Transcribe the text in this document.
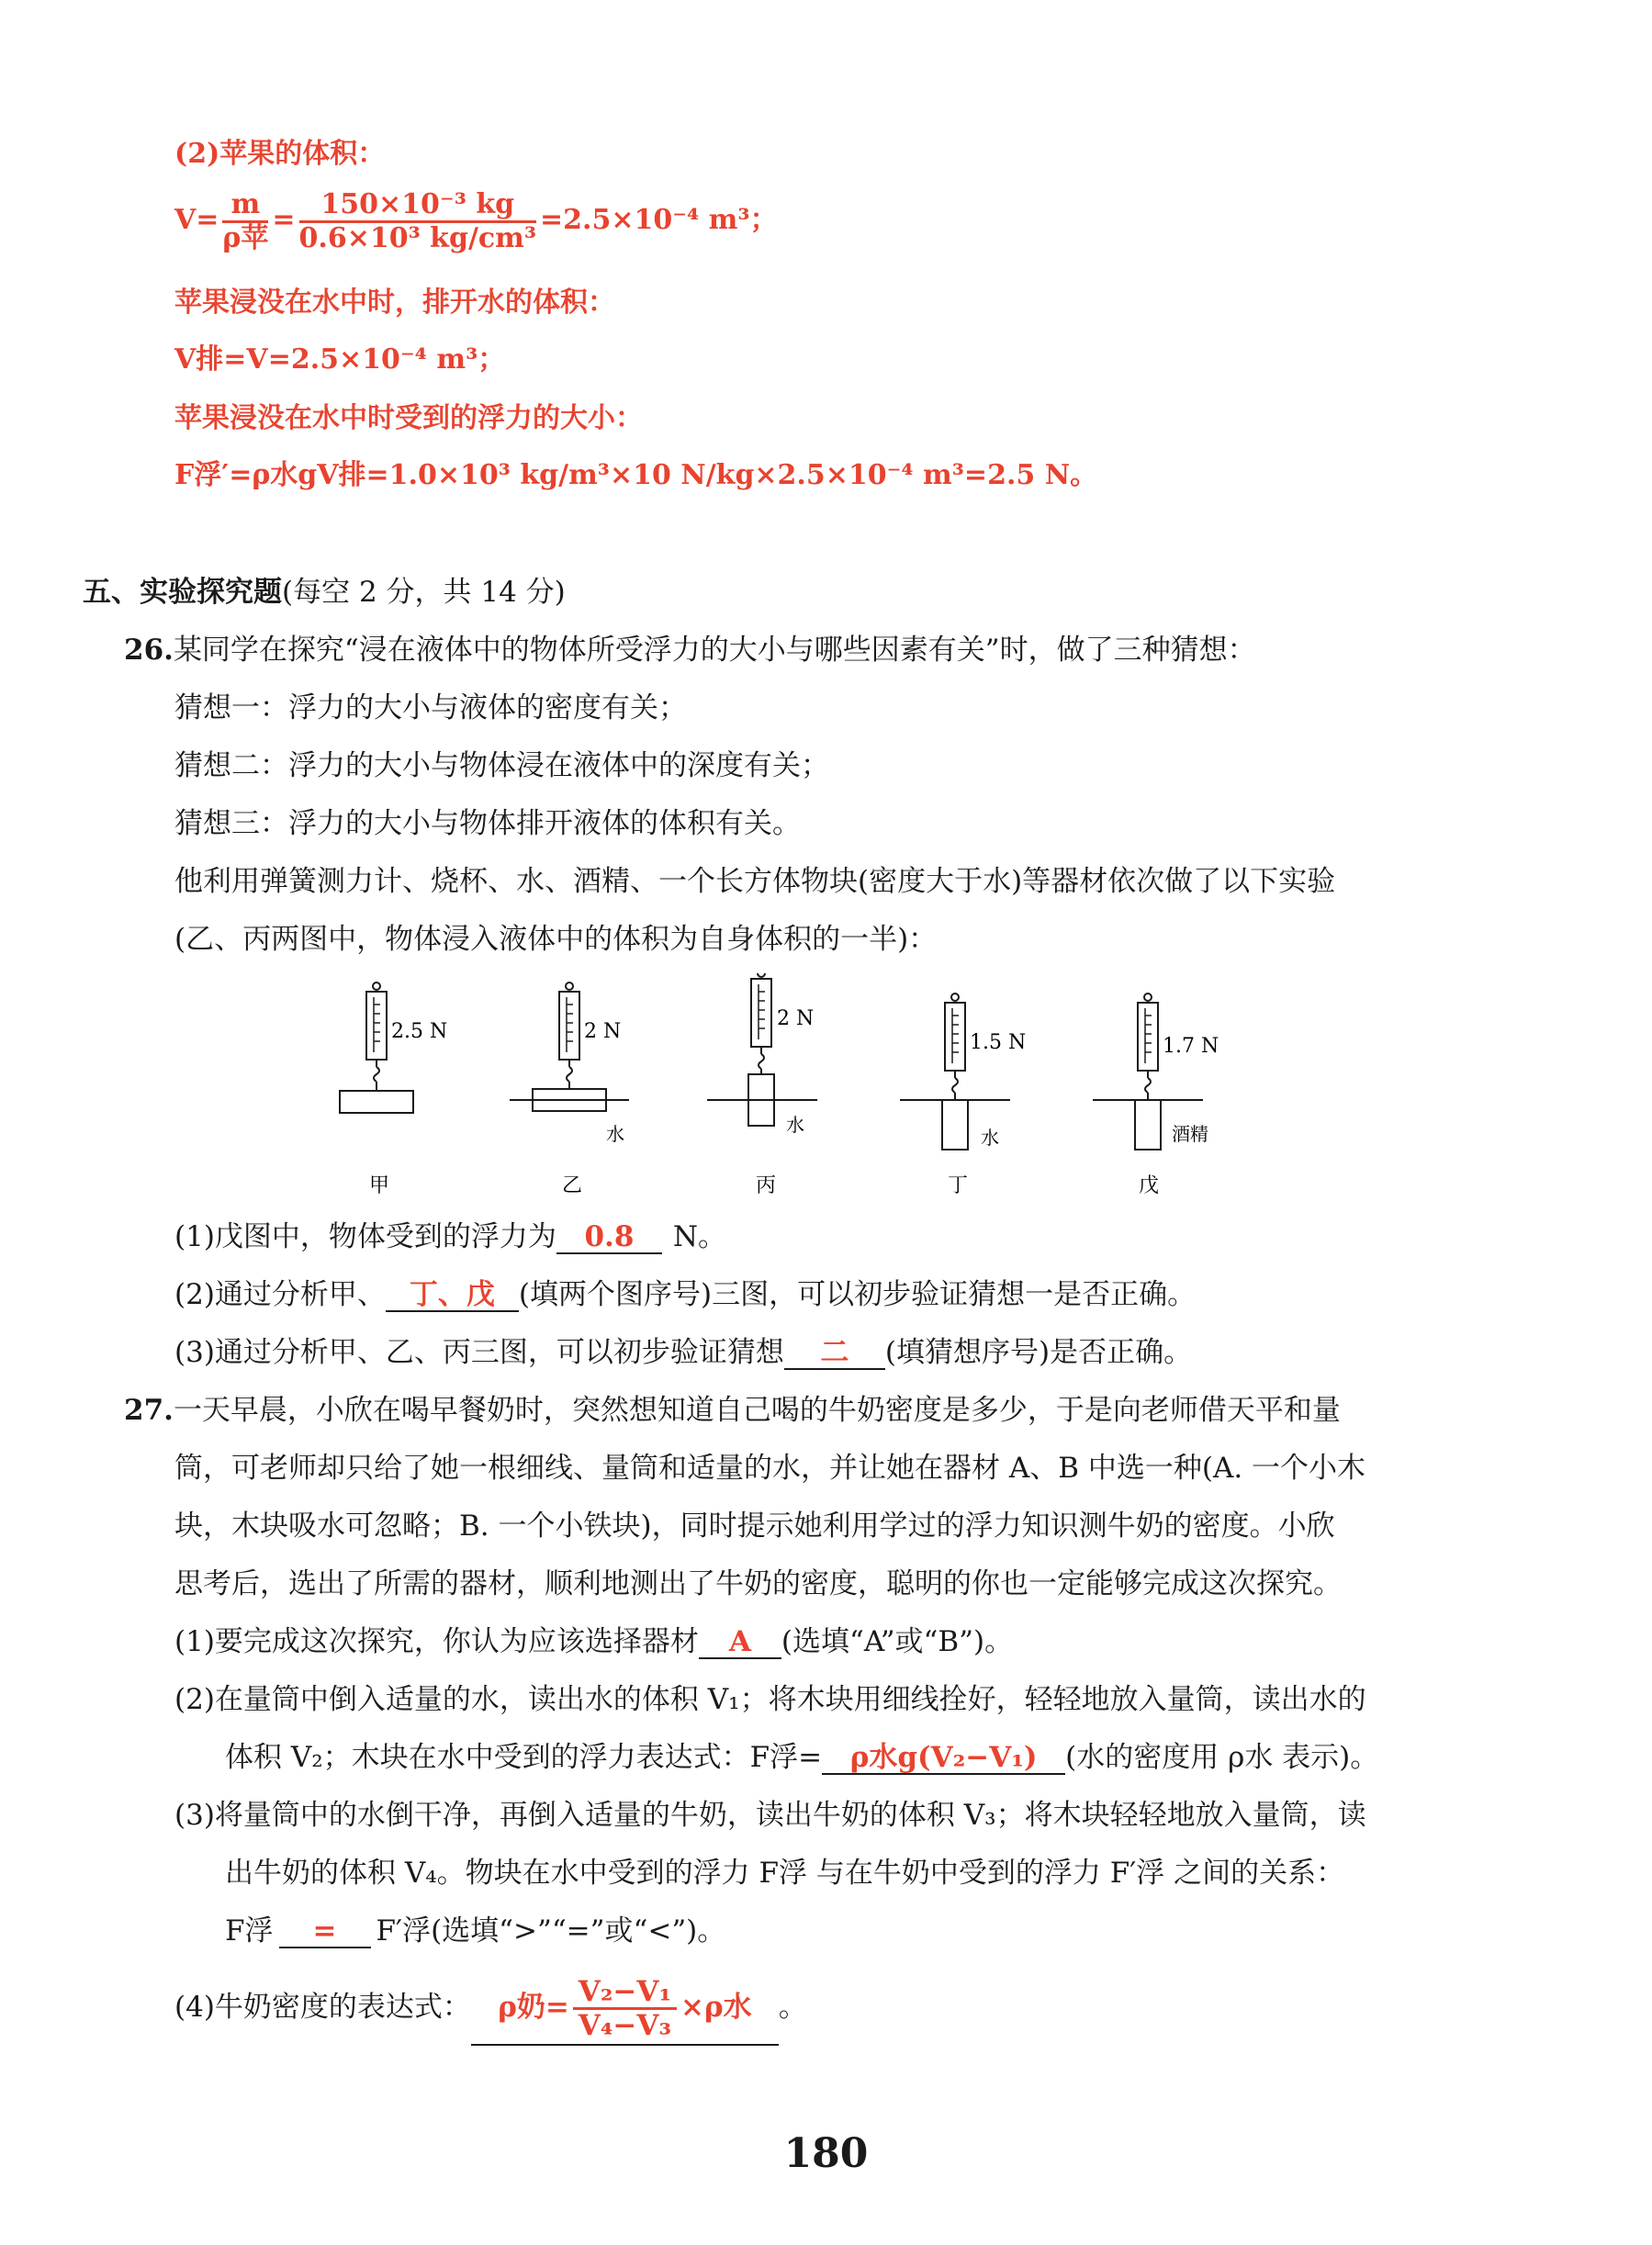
(2)苹果的体积：
$V= \frac{m}{\text{ρ苹}} = \frac{\text{150×10⁻³ kg}}{\text{0.6×10³ kg/cm³}} =2.5\times 10^{-4}$ m³；
苹果浸没在水中时，排开水的体积：
V排=V=2.5×10⁻⁴ m³；
苹果浸没在水中时受到的浮力的大小：
F浮′=ρ水gV排=1.0×10³ kg/m³×10 N/kg×2.5×10⁻⁴ m³=2.5 N。
五、实验探究题(每空 2 分，共 14 分)
26.某同学在探究“浸在液体中的物体所受浮力的大小与哪些因素有关”时，做了三种猜想：
猜想一：浮力的大小与液体的密度有关；
猜想二：浮力的大小与物体浸在液体中的深度有关；
猜想三：浮力的大小与物体排开液体的体积有关。
他利用弹簧测力计、烧杯、水、酒精、一个长方体物块(密度大于水)等器材依次做了以下实验
(乙、丙两图中，物体浸入液体中的体积为自身体积的一半)：
2.5 N
甲
2 N
水
乙
2 N
水
丙
1.5 N
水
丁
1.7 N
酒精
戊
(1)戊图中，物体受到的浮力为 0.8 N。
(2)通过分析甲、 丁、戊 (填两个图序号)三图，可以初步验证猜想一是否正确。
(3)通过分析甲、乙、丙三图，可以初步验证猜想 二 (填猜想序号)是否正确。
27.一天早晨，小欣在喝早餐奶时，突然想知道自己喝的牛奶密度是多少，于是向老师借天平和量
筒，可老师却只给了她一根细线、量筒和适量的水，并让她在器材 A、B 中选一种(A. 一个小木
块，木块吸水可忽略；B. 一个小铁块)，同时提示她利用学过的浮力知识测牛奶的密度。小欣
思考后，选出了所需的器材，顺利地测出了牛奶的密度，聪明的你也一定能够完成这次探究。
(1)要完成这次探究，你认为应该选择器材 A (选填“A”或“B”)。
(2)在量筒中倒入适量的水，读出水的体积 V₁；将木块用细线拴好，轻轻地放入量筒，读出水的
体积 V₂；木块在水中受到的浮力表达式：F浮= ρ水g(V₂−V₁) (水的密度用 ρ水 表示)。
(3)将量筒中的水倒干净，再倒入适量的牛奶，读出牛奶的体积 V₃；将木块轻轻地放入量筒，读
出牛奶的体积 V₄。物块在水中受到的浮力 F浮 与在牛奶中受到的浮力 F′浮 之间的关系：
F浮 = F′浮(选填“>”“=”或“<”)。
(4)牛奶密度的表达式： ρ奶= $\frac{\text{V₂−V₁}}{\text{V₄−V₃}} \times\rho$水 。
180
